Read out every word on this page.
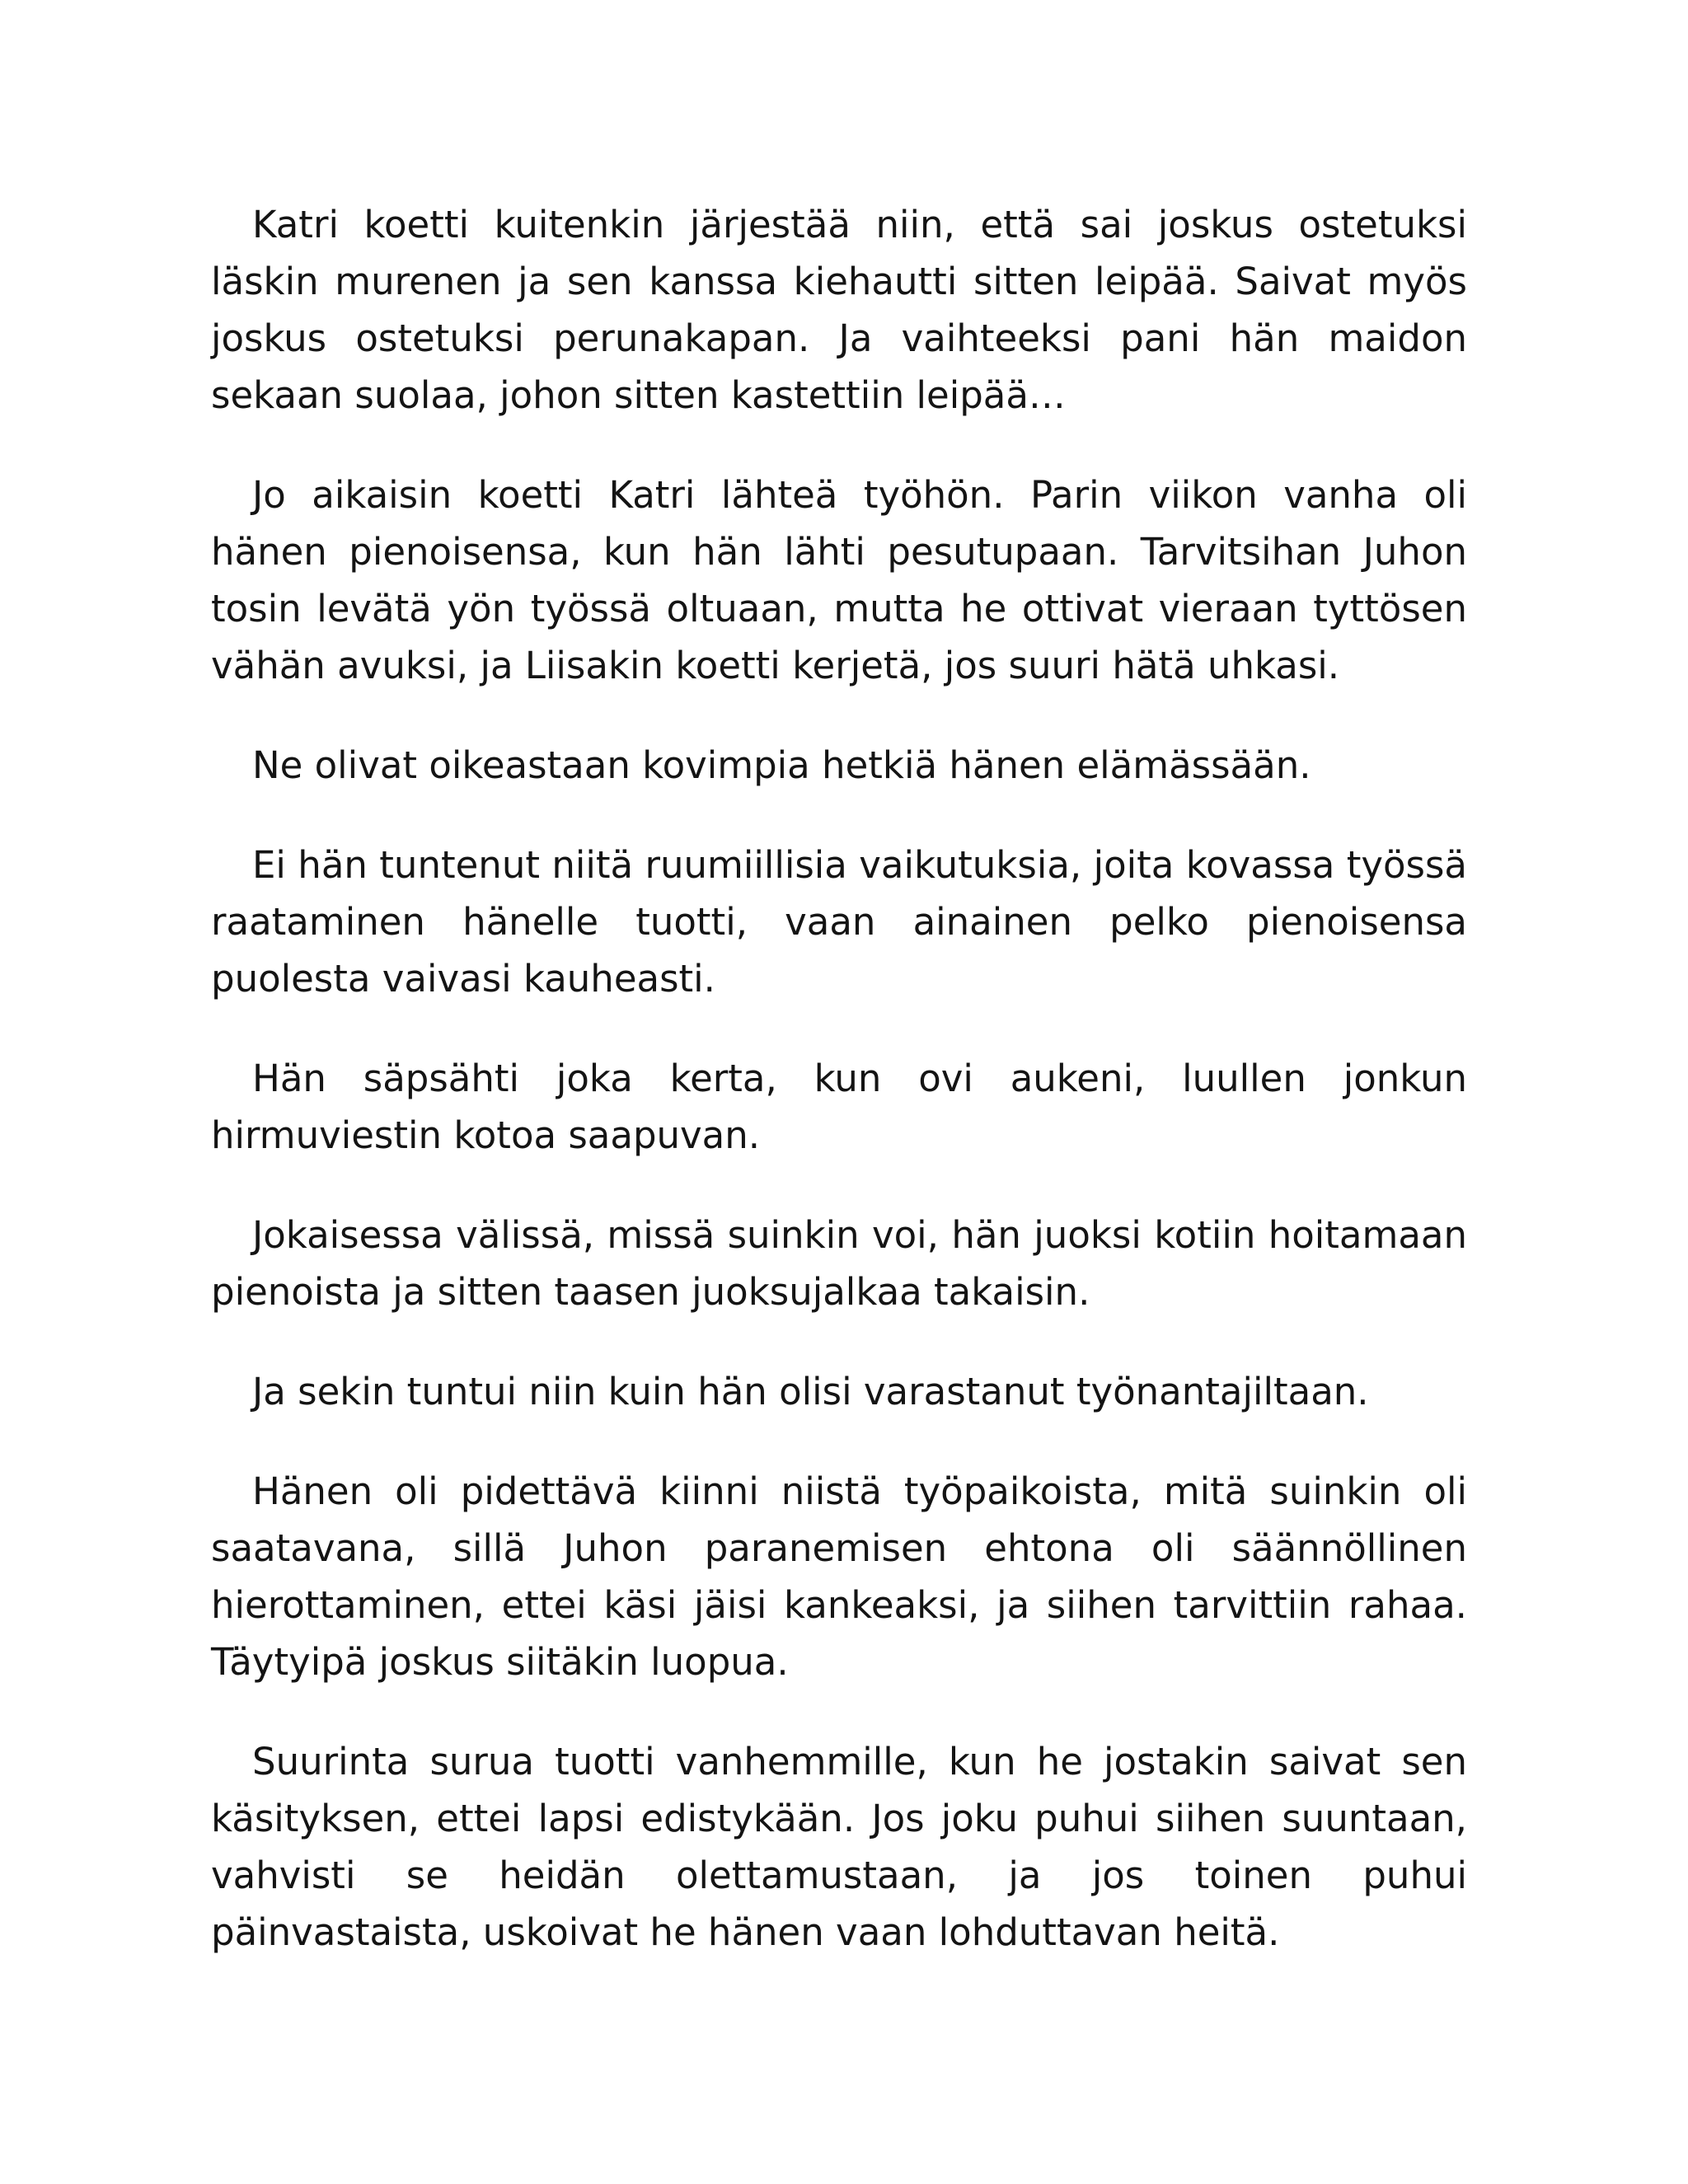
Katri koetti kuitenkin järjestää niin, että sai joskus ostetuksi läskin murenen ja sen kanssa kiehautti sitten leipää. Saivat myös joskus ostetuksi perunakapan. Ja vaihteeksi pani hän maidon sekaan suolaa, johon sitten kastettiin leipää…

Jo aikaisin koetti Katri lähteä työhön. Parin viikon vanha oli hänen pienoisensa, kun hän lähti pesutupaan. Tarvitsihan Juhon tosin levätä yön työssä oltuaan, mutta he ottivat vieraan tyttösen vähän avuksi, ja Liisakin koetti kerjetä, jos suuri hätä uhkasi.

Ne olivat oikeastaan kovimpia hetkiä hänen elämässään.

Ei hän tuntenut niitä ruumiillisia vaikutuksia, joita kovassa työssä raataminen hänelle tuotti, vaan ainainen pelko pienoisensa puolesta vaivasi kauheasti.

Hän säpsähti joka kerta, kun ovi aukeni, luullen jonkun hirmuviestin kotoa saapuvan.

Jokaisessa välissä, missä suinkin voi, hän juoksi kotiin hoitamaan pienoista ja sitten taasen juoksujalkaa takaisin.

Ja sekin tuntui niin kuin hän olisi varastanut työnantajiltaan.

Hänen oli pidettävä kiinni niistä työpaikoista, mitä suinkin oli saatavana, sillä Juhon paranemisen ehtona oli säännöllinen hierottaminen, ettei käsi jäisi kankeaksi, ja siihen tarvittiin rahaa. Täytyipä joskus siitäkin luopua.

Suurinta surua tuotti vanhemmille, kun he jostakin saivat sen käsityksen, ettei lapsi edistykään. Jos joku puhui siihen suuntaan, vahvisti se heidän olettamustaan, ja jos toinen puhui päinvastaista, uskoivat he hänen vaan lohduttavan heitä.
